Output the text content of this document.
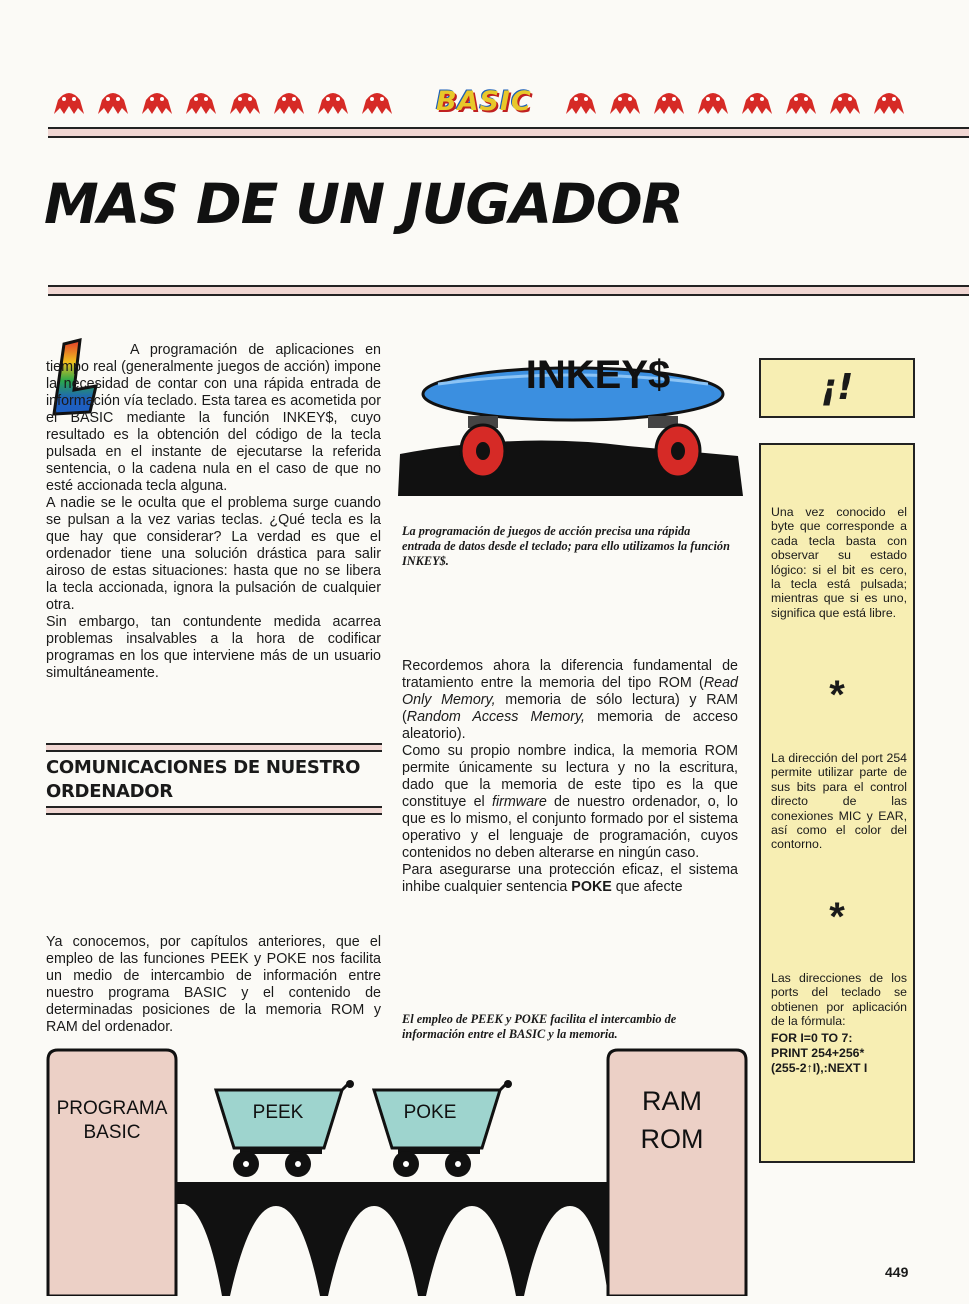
BASIC
MAS DE UN JUGADOR

A programación de aplicaciones en tiempo real (generalmente juegos de acción) impone la necesidad de contar con una rápida entrada de información vía teclado. Esta tarea es acometida por el BASIC mediante la función INKEY$, cuyo resultado es la obtención del código de la tecla pulsada en el instante de ejecutarse la referida sentencia, o la cadena nula en el caso de que no esté accionada tecla alguna.

A nadie se le oculta que el problema surge cuando se pulsan a la vez varias teclas. ¿Qué tecla es la que hay que considerar? La verdad es que el ordenador tiene una solución drástica para salir airoso de estas situaciones: hasta que no se libera la tecla accionada, ignora la pulsación de cualquier otra.

Sin embargo, tan contundente medida acarrea problemas insalvables a la hora de codificar programas en los que interviene más de un usuario simultáneamente.

COMUNICACIONES DE NUESTRO
ORDENADOR

Ya conocemos, por capítulos anteriores, que el empleo de las funciones PEEK y POKE nos facilita un medio de intercambio de información entre nuestro programa BASIC y el contenido de determinadas posiciones de la memoria ROM y RAM del ordenador.

INKEY$

La programación de juegos de acción precisa una rápida entrada de datos desde el teclado; para ello utilizamos la función INKEY$.

Recordemos ahora la diferencia fundamental de tratamiento entre la memoria del tipo ROM (Read Only Memory, memoria de sólo lectura) y RAM (Random Access Memory, memoria de acceso aleatorio).

Como su propio nombre indica, la memoria ROM permite únicamente su lectura y no la escritura, dado que la memoria de este tipo es la que constituye el firmware de nuestro ordenador, o, lo que es lo mismo, el conjunto formado por el sistema operativo y el lenguaje de programación, cuyos contenidos no deben alterarse en ningún caso.

Para asegurarse una protección eficaz, el sistema inhibe cualquier sentencia POKE que afecte

El empleo de PEEK y POKE facilita el intercambio de información entre el BASIC y la memoria.

PROGRAMA
BASIC
RAM
ROM
PEEK	POKE
¡!

Una vez conocido el byte que corresponde a cada tecla basta con observar su estado lógico: si el bit es cero, la tecla está pulsada; mientras que si es uno, significa que está libre.

*

La dirección del port 254 permite utilizar parte de sus bits para el control directo de las conexiones MIC y EAR, así como el color del contorno.

*

Las direcciones de los ports del teclado se obtienen por aplicación de la fórmula:

FOR I=0 TO 7:
PRINT 254+256*
(255-2↑I),:NEXT I
449
